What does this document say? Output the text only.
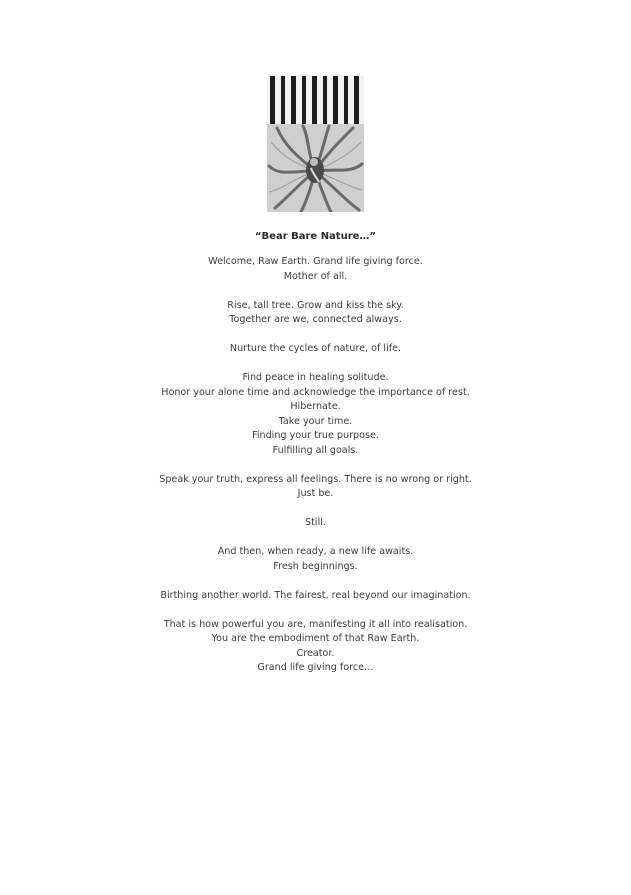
“Bear Bare Nature…”
Welcome, Raw Earth. Grand life giving force.
Mother of all.
Rise, tall tree. Grow and kiss the sky.
Together are we, connected always.
Nurture the cycles of nature, of life.
Find peace in healing solitude.
Honor your alone time and acknowledge the importance of rest.
Hibernate.
Take your time.
Finding your true purpose.
Fulfilling all goals.
Speak your truth, express all feelings. There is no wrong or right.
Just be.
Still.
And then, when ready, a new life awaits.
Fresh beginnings.
Birthing another world. The fairest, real beyond our imagination.
That is how powerful you are, manifesting it all into realisation.
You are the embodiment of that Raw Earth.
Creator.
Grand life giving force…
